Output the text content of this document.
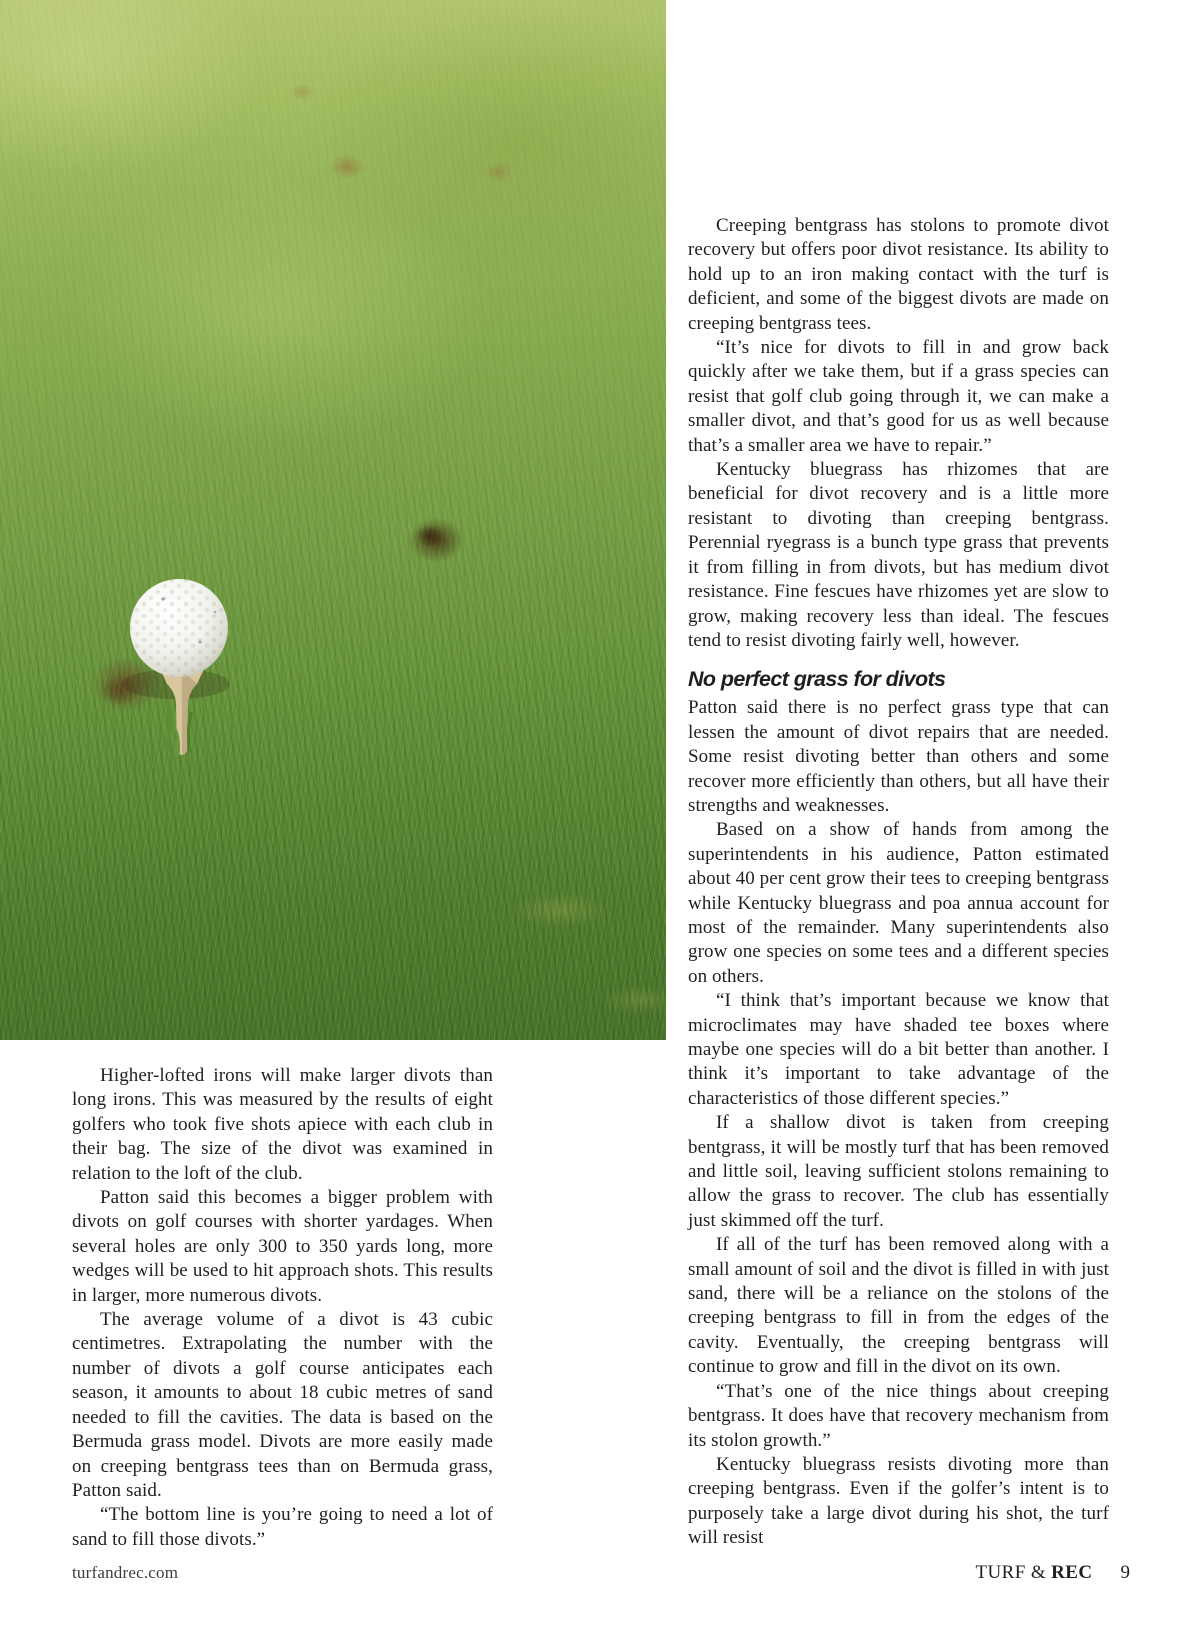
Higher-lofted irons will make larger divots than long irons. This was measured by the results of eight golfers who took five shots apiece with each club in their bag. The size of the divot was examined in relation to the loft of the club.

Patton said this becomes a bigger problem with divots on golf courses with shorter yardages. When several holes are only 300 to 350 yards long, more wedges will be used to hit approach shots. This results in larger, more numerous divots.

The average volume of a divot is 43 cubic centimetres. Extrapolating the number with the number of divots a golf course anticipates each season, it amounts to about 18 cubic metres of sand needed to fill the cavities. The data is based on the Bermuda grass model. Divots are more easily made on creeping bentgrass tees than on Bermuda grass, Patton said.

“The bottom line is you’re going to need a lot of sand to fill those divots.”

Creeping bentgrass has stolons to promote divot recovery but offers poor divot resistance. Its ability to hold up to an iron making contact with the turf is deficient, and some of the biggest divots are made on creeping bentgrass tees.

“It’s nice for divots to fill in and grow back quickly after we take them, but if a grass species can resist that golf club going through it, we can make a smaller divot, and that’s good for us as well because that’s a smaller area we have to repair.”

Kentucky bluegrass has rhizomes that are beneficial for divot recovery and is a little more resistant to divoting than creeping bentgrass. Perennial ryegrass is a bunch type grass that prevents it from filling in from divots, but has medium divot resistance. Fine fescues have rhizomes yet are slow to grow, making recovery less than ideal. The fescues tend to resist divoting fairly well, however.

No perfect grass for divots

Patton said there is no perfect grass type that can lessen the amount of divot repairs that are needed. Some resist divoting better than others and some recover more efficiently than others, but all have their strengths and weaknesses.

Based on a show of hands from among the superintendents in his audience, Patton estimated about 40 per cent grow their tees to creeping bentgrass while Kentucky bluegrass and poa annua account for most of the remainder. Many superintendents also grow one species on some tees and a different species on others.

“I think that’s important because we know that microclimates may have shaded tee boxes where maybe one species will do a bit better than another. I think it’s important to take advantage of the characteristics of those different species.”

If a shallow divot is taken from creeping bentgrass, it will be mostly turf that has been removed and little soil, leaving sufficient stolons remaining to allow the grass to recover. The club has essentially just skimmed off the turf.

If all of the turf has been removed along with a small amount of soil and the divot is filled in with just sand, there will be a reliance on the stolons of the creeping bentgrass to fill in from the edges of the cavity. Eventually, the creeping bentgrass will continue to grow and fill in the divot on its own.

“That’s one of the nice things about creeping bentgrass. It does have that recovery mechanism from its stolon growth.”

Kentucky bluegrass resists divoting more than creeping bentgrass. Even if the golfer’s intent is to purposely take a large divot during his shot, the turf will resist

turfandrec.com	TURF & REC 9
